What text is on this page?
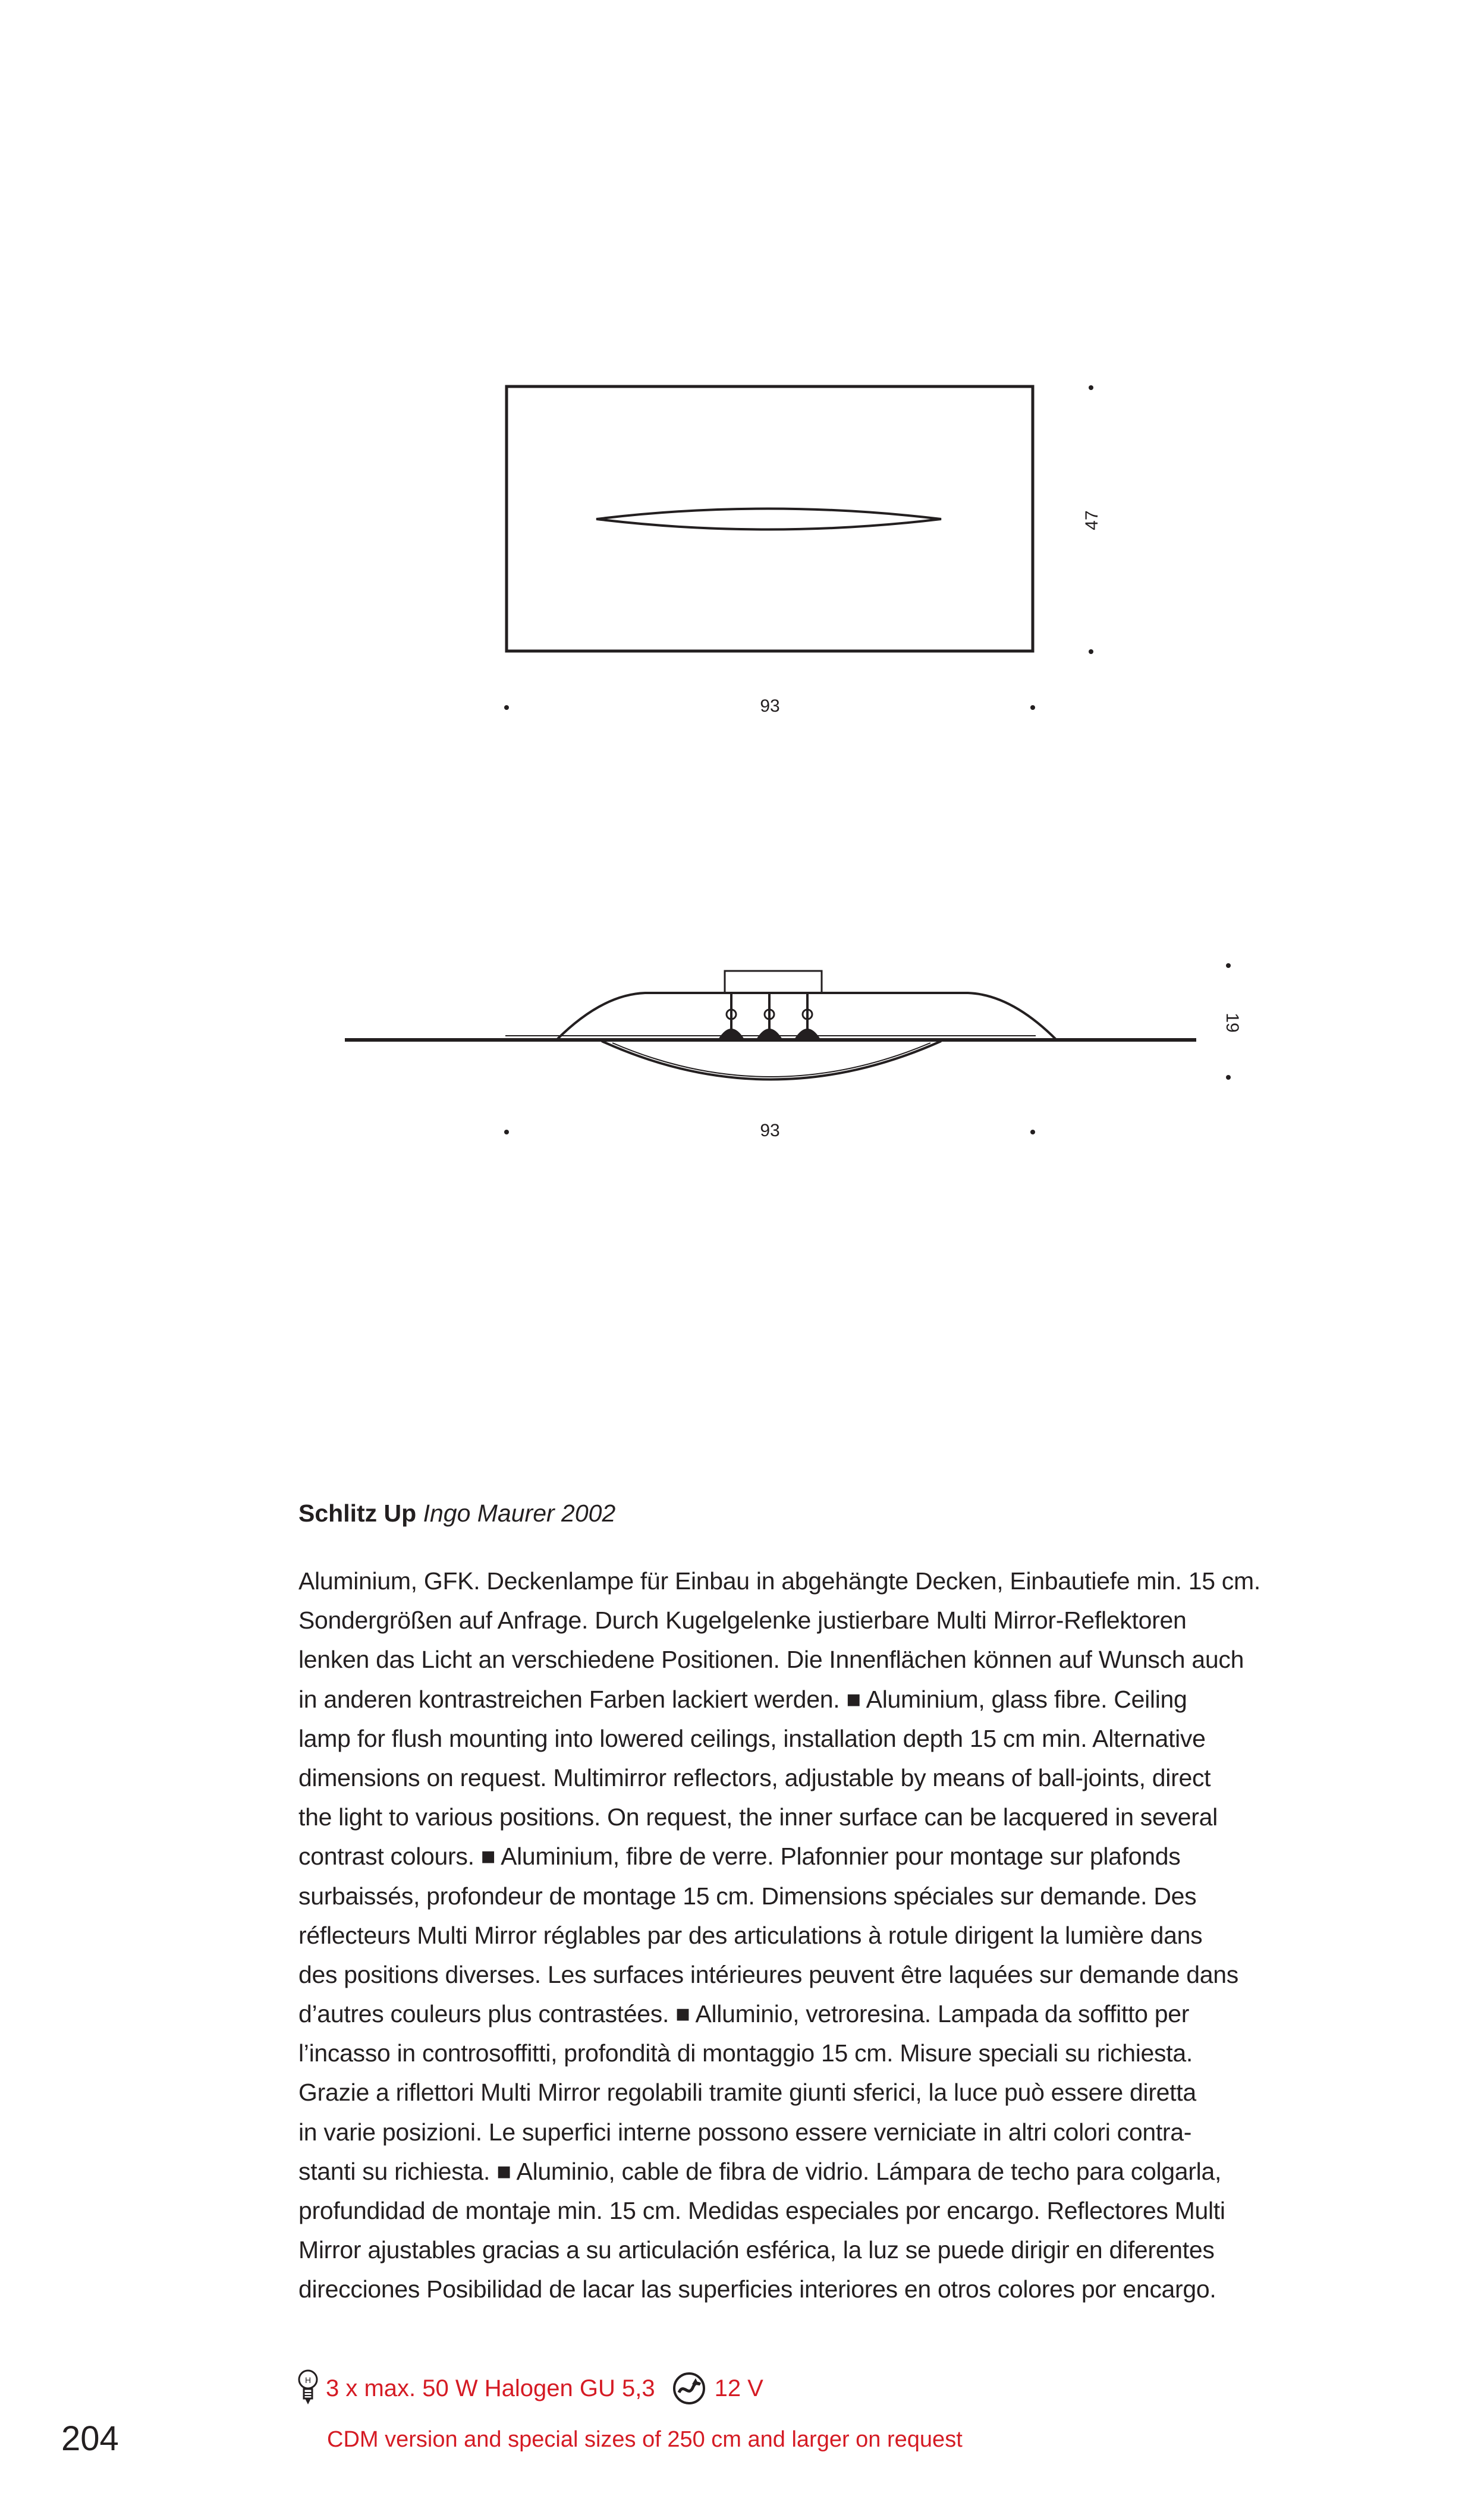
93
47
93
19

Schlitz Up Ingo Maurer 2002

Aluminium, GFK. Deckenlampe für Einbau in abgehängte Decken, Einbautiefe min. 15 cm.
Sondergrößen auf Anfrage. Durch Kugelgelenke justierbare Multi Mirror-Reflektoren
lenken das Licht an verschiedene Positionen. Die Innenflächen können auf Wunsch auch
in anderen kontrastreichen Farben lackiert werden. ■ Aluminium, glass fibre. Ceiling
lamp for flush mounting into lowered ceilings, installation depth 15 cm min. Alternative
dimensions on request. Multimirror reflectors, adjustable by means of ball-joints, direct
the light to various positions. On request, the inner surface can be lacquered in several
contrast colours. ■ Aluminium, fibre de verre. Plafonnier pour montage sur plafonds
surbaissés, profondeur de montage 15 cm. Dimensions spéciales sur demande. Des
réflecteurs Multi Mirror réglables par des articulations à rotule dirigent la lumière dans
des positions diverses. Les surfaces intérieures peuvent être laquées sur demande dans
d’autres couleurs plus contrastées. ■ Alluminio, vetroresina. Lampada da soffitto per
l’incasso in controsoffitti, profondità di montaggio 15 cm. Misure speciali su richiesta.
Grazie a riflettori Multi Mirror regolabili tramite giunti sferici, la luce può essere diretta
in varie posizioni. Le superfici interne possono essere verniciate in altri colori contra-
stanti su richiesta. ■ Aluminio, cable de fibra de vidrio. Lámpara de techo para colgarla,
profundidad de montaje min. 15 cm. Medidas especiales por encargo. Reflectores Multi
Mirror ajustables gracias a su articulación esférica, la luz se puede dirigir en diferentes
direcciones Posibilidad de lacar las superficies interiores en otros colores por encargo.
H 3 x max. 50 W Halogen GU 5,3	12 V
CDM version and special sizes of 250 cm and larger on request
204
